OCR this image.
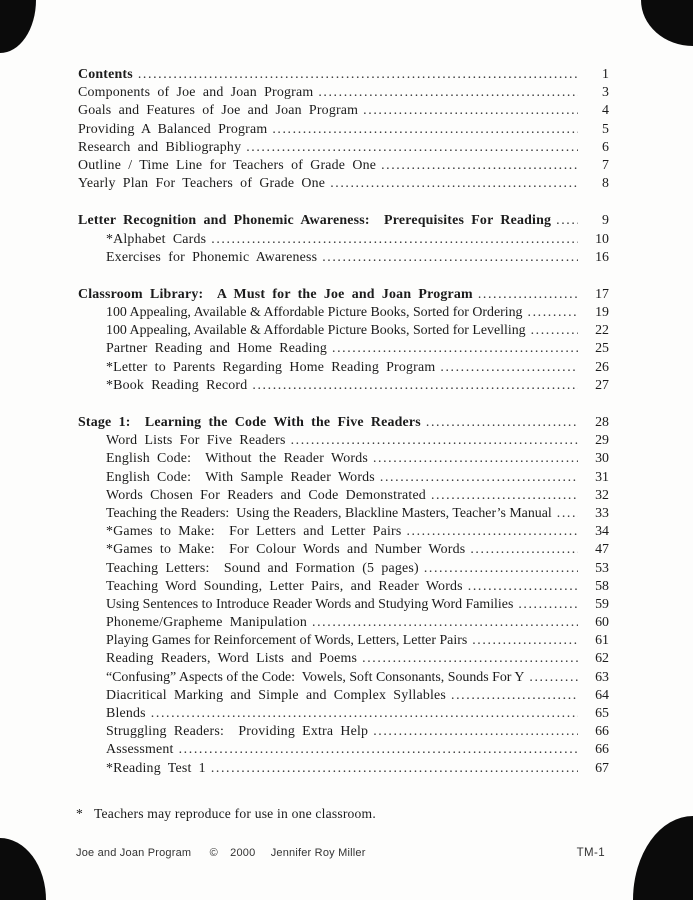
Contents .....	1
Components of Joe and Joan Program .....	3
Goals and Features of Joe and Joan Program .....	4
Providing A Balanced Program .....	5
Research and Bibliography .....	6
Outline / Time Line for Teachers of Grade One .....	7
Yearly Plan For Teachers of Grade One .....	8
Letter Recognition and Phonemic Awareness:  Prerequisites For Reading .....	9
*Alphabet Cards .....	10
Exercises for Phonemic Awareness .....	16
Classroom Library:  A Must for the Joe and Joan Program .....	17
100 Appealing, Available & Affordable Picture Books, Sorted for Ordering .....	19
100 Appealing, Available & Affordable Picture Books, Sorted for Levelling .....	22
Partner Reading and Home Reading .....	25
*Letter to Parents Regarding Home Reading Program .....	26
*Book Reading Record .....	27
Stage 1:  Learning the Code With the Five Readers .....	28
Word Lists For Five Readers .....	29
English Code:  Without the Reader Words .....	30
English Code:  With Sample Reader Words .....	31
Words Chosen For Readers and Code Demonstrated .....	32
Teaching the Readers:  Using the Readers, Blackline Masters, Teacher’s Manual .....	33
*Games to Make:  For Letters and Letter Pairs .....	34
*Games to Make:  For Colour Words and Number Words .....	47
Teaching Letters:  Sound and Formation (5 pages) .....	53
Teaching Word Sounding, Letter Pairs, and Reader Words .....	58
Using Sentences to Introduce Reader Words and Studying Word Families .....	59
Phoneme/Grapheme Manipulation .....	60
Playing Games for Reinforcement of Words, Letters, Letter Pairs .....	61
Reading Readers, Word Lists and Poems .....	62
“Confusing” Aspects of the Code:  Vowels, Soft Consonants, Sounds For Y .....	63
Diacritical Marking and Simple and Complex Syllables .....	64
Blends .....	65
Struggling Readers:  Providing Extra Help .....	66
Assessment .....	66
*Reading Test 1 .....	67
* Teachers may reproduce for use in one classroom.
Joe and Joan Program © 2000 Jennifer Roy Miller	TM-1
